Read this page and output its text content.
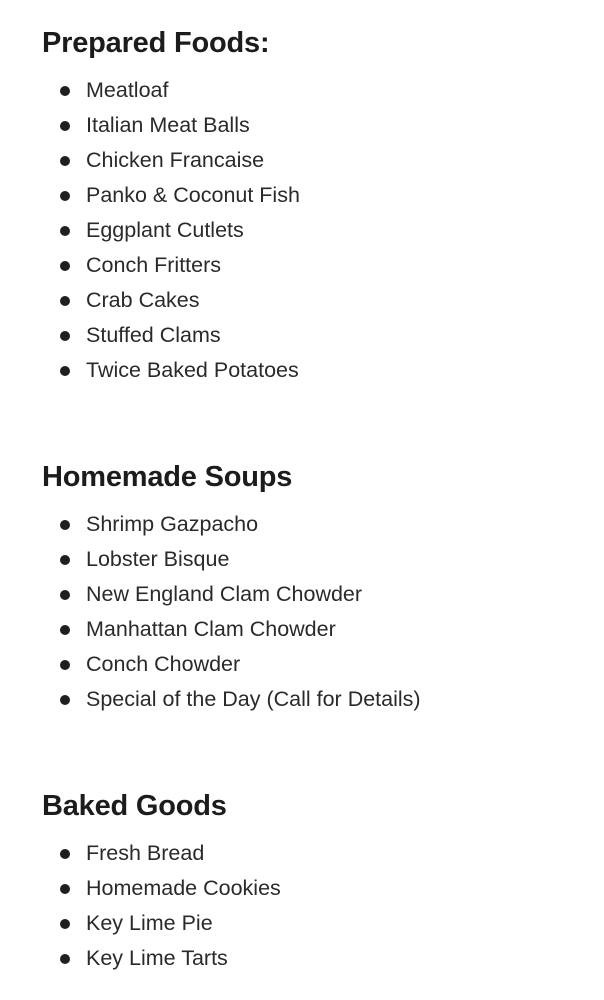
Prepared Foods:
Meatloaf
Italian Meat Balls
Chicken Francaise
Panko & Coconut Fish
Eggplant Cutlets
Conch Fritters
Crab Cakes
Stuffed Clams
Twice Baked Potatoes
Homemade Soups
Shrimp Gazpacho
Lobster Bisque
New England Clam Chowder
Manhattan Clam Chowder
Conch Chowder
Special of the Day (Call for Details)
Baked Goods
Fresh Bread
Homemade Cookies
Key Lime Pie
Key Lime Tarts
